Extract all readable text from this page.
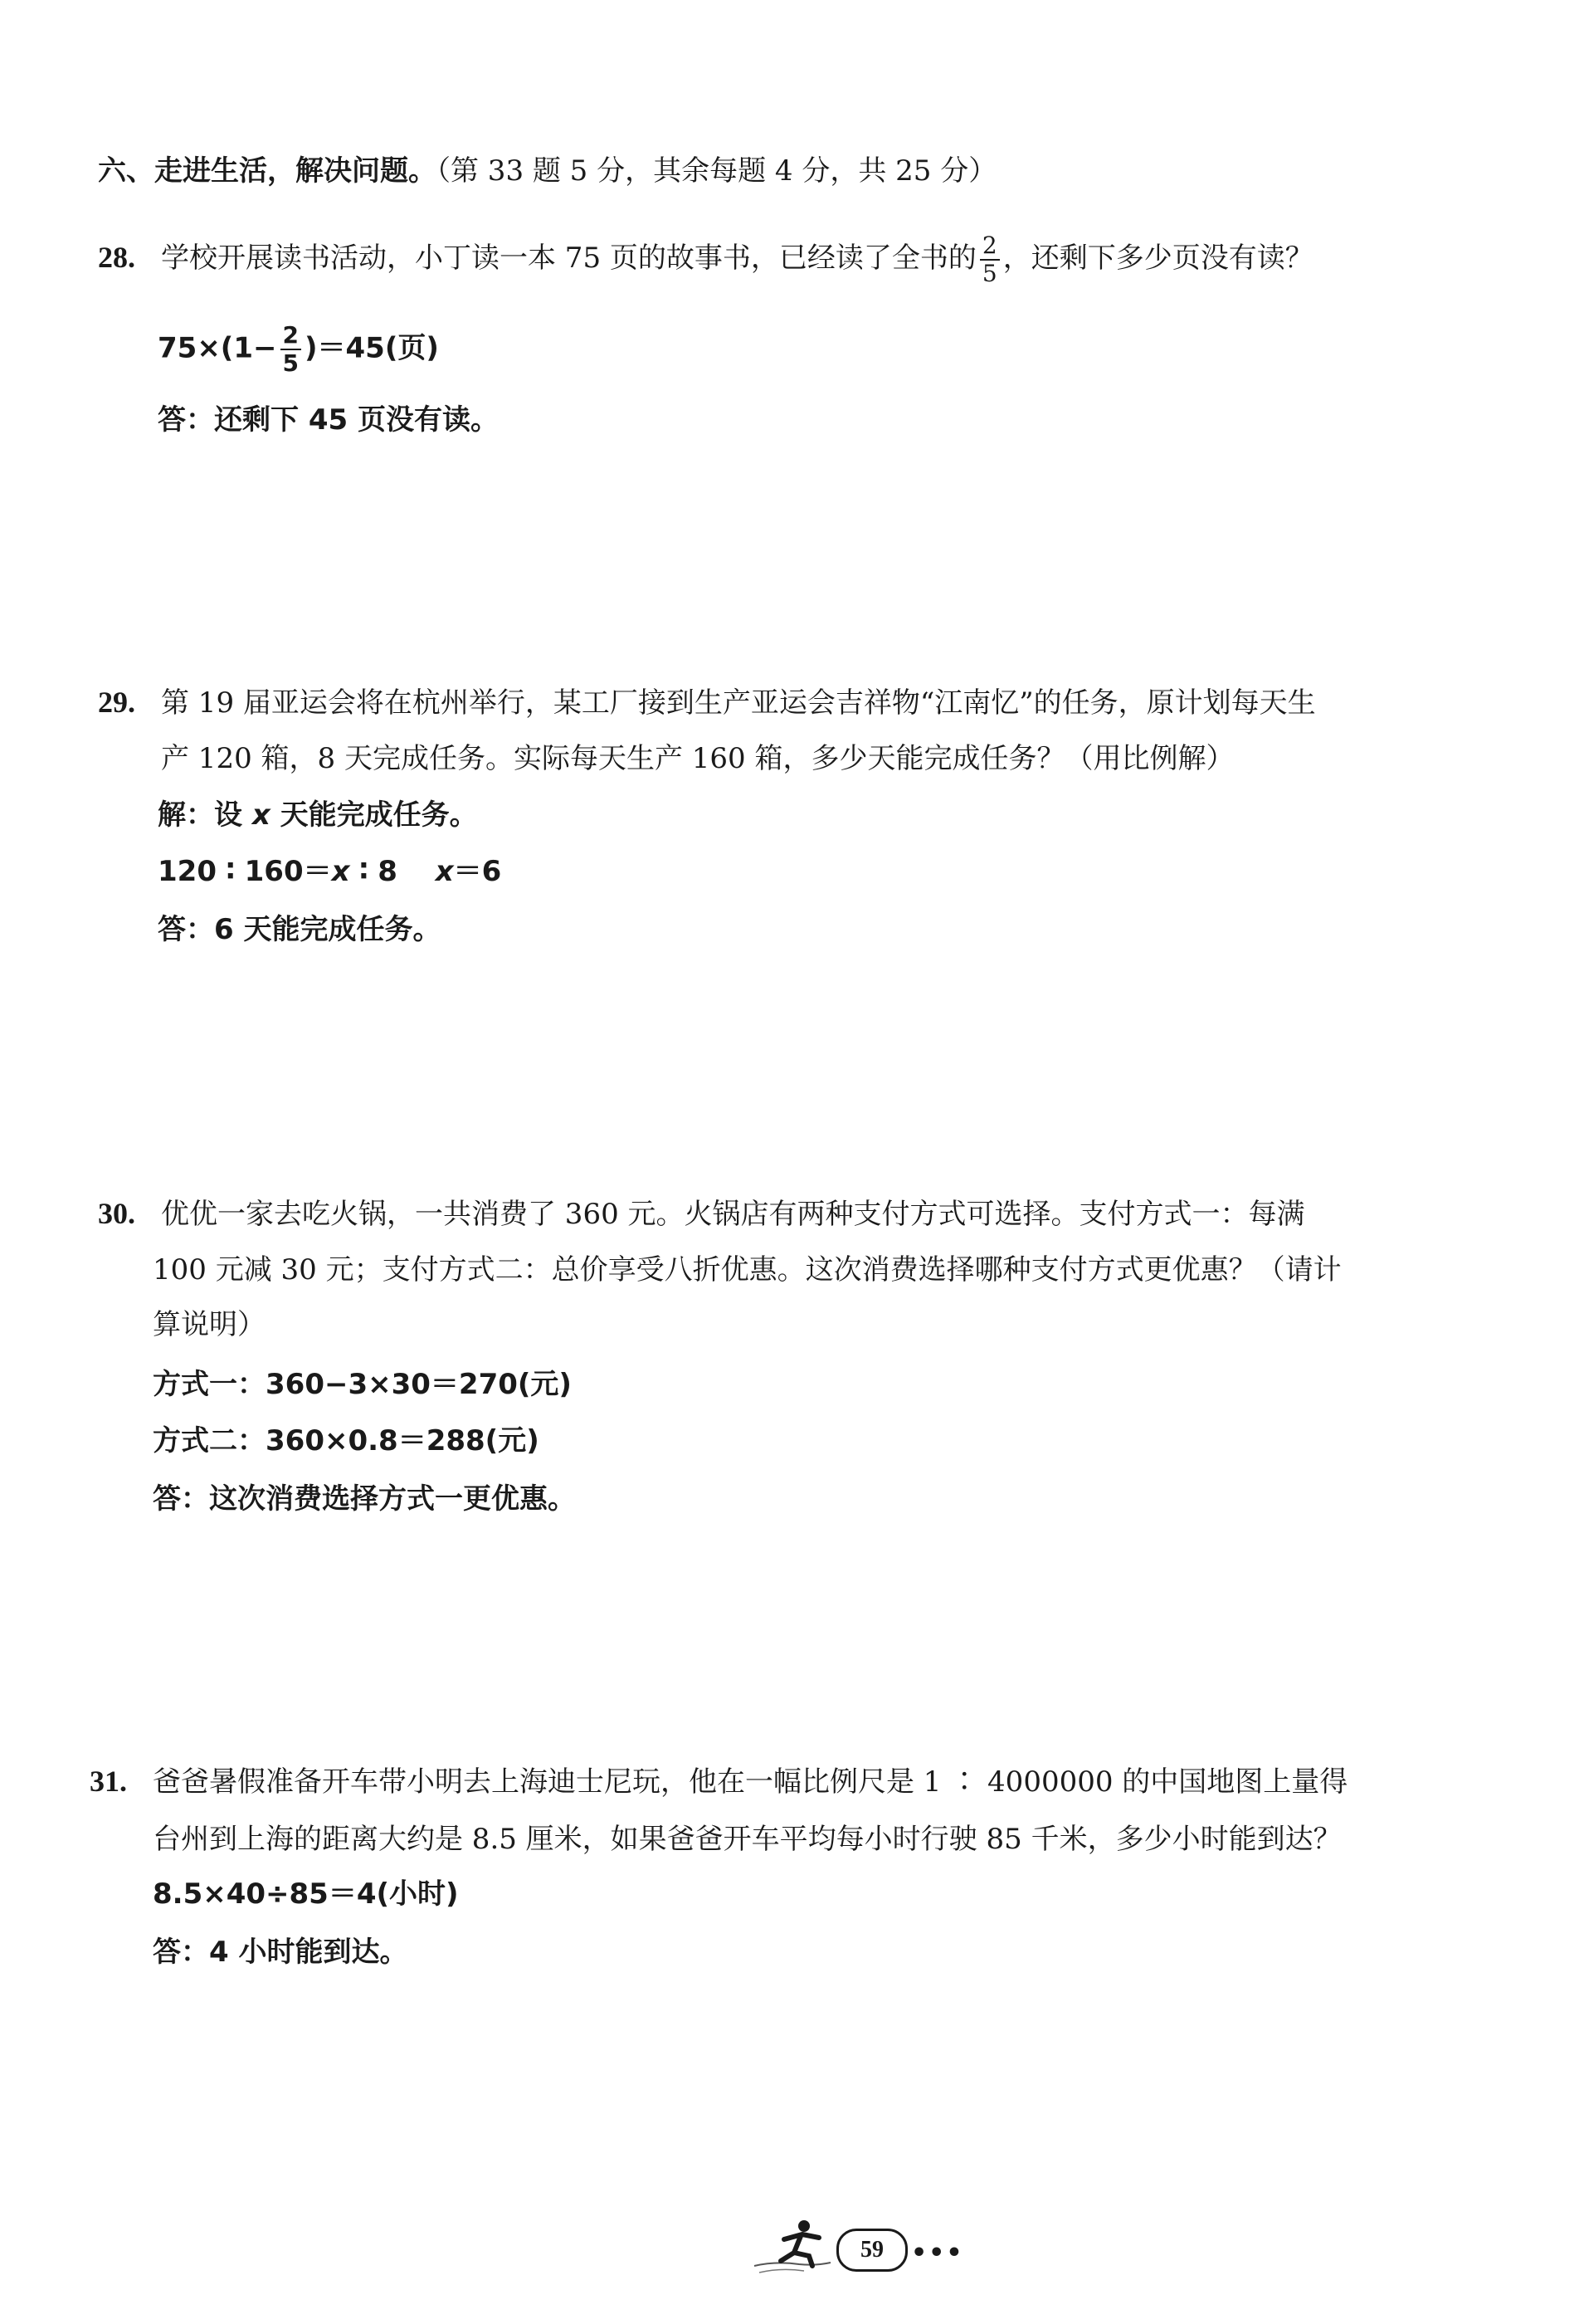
六、走进生活，解决问题。（第 33 题 5 分，其余每题 4 分，共 25 分）
28. 学校开展读书活动，小丁读一本 75 页的故事书，已经读了全书的 $\frac{2}{5}$ ，还剩下多少页没有读？
$75\times(1- \frac{2}{5} )=45$(页)
答：还剩下 45 页没有读。
29. 第 19 届亚运会将在杭州举行，某工厂接到生产亚运会吉祥物“江南忆”的任务，原计划每天生
产 120 箱，8 天完成任务。实际每天生产 160 箱，多少天能完成任务？（用比例解）
解：设 x 天能完成任务。
120 ∶ 160＝x ∶ 8　 x＝6
答：6 天能完成任务。
30. 优优一家去吃火锅，一共消费了 360 元。火锅店有两种支付方式可选择。支付方式一：每满
100 元减 30 元；支付方式二：总价享受八折优惠。这次消费选择哪种支付方式更优惠？（请计
算说明）
方式一：360−3×30＝270(元)
方式二：360×0.8＝288(元)
答：这次消费选择方式一更优惠。
31. 爸爸暑假准备开车带小明去上海迪士尼玩，他在一幅比例尺是 1 ∶ 4000000 的中国地图上量得
台州到上海的距离大约是 8.5 厘米，如果爸爸开车平均每小时行驶 85 千米，多少小时能到达？
8.5×40÷85＝4(小时)
答：4 小时能到达。
59	•••
